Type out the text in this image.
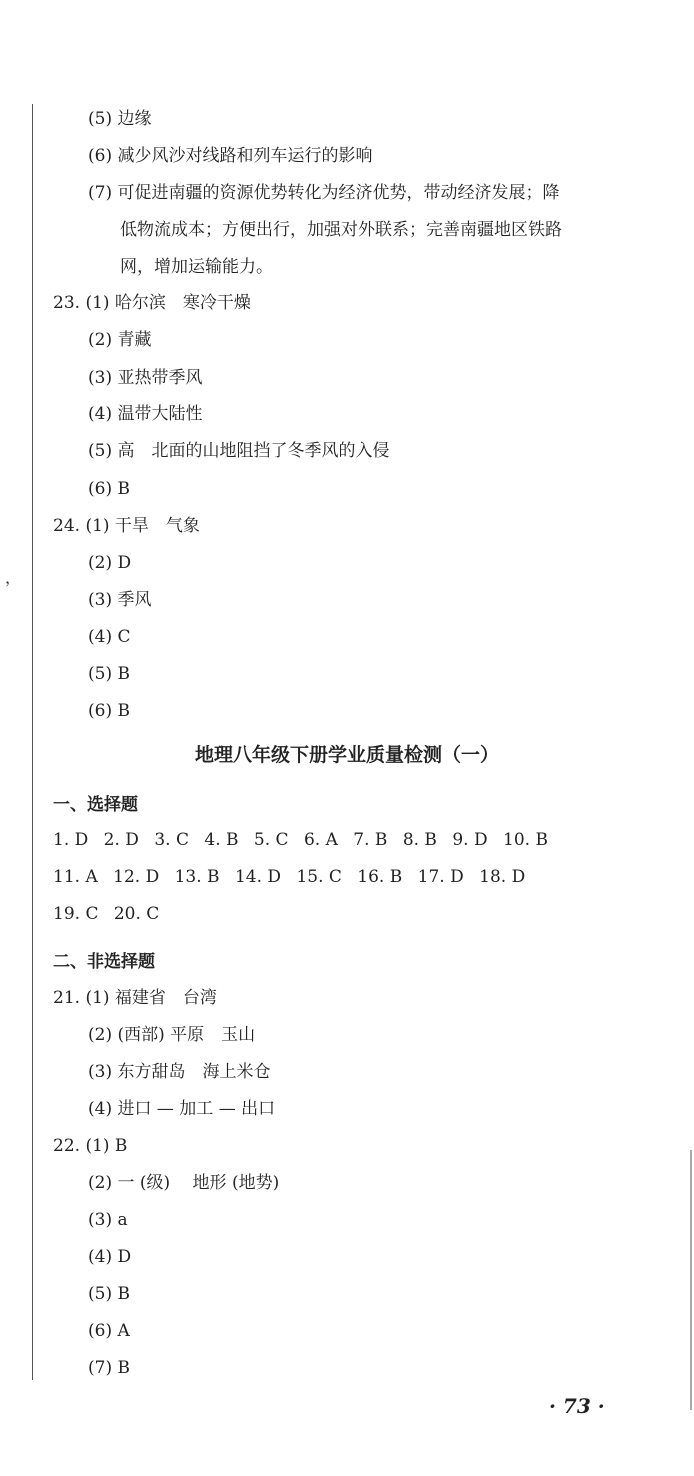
，
(5) 边缘
(6) 减少风沙对线路和列车运行的影响
(7) 可促进南疆的资源优势转化为经济优势，带动经济发展；降
低物流成本；方便出行，加强对外联系；完善南疆地区铁路
网，增加运输能力。
23. (1) 哈尔滨　寒冷干燥
(2) 青藏
(3) 亚热带季风
(4) 温带大陆性
(5) 高　北面的山地阻挡了冬季风的入侵
(6) B
24. (1) 干旱　气象
(2) D
(3) 季风
(4) C
(5) B
(6) B
地理八年级下册学业质量检测（一）
一、选择题
1. D 2. D 3. C 4. B 5. C 6. A 7. B 8. B 9. D 10. B
11. A 12. D 13. B 14. D 15. C 16. B 17. D 18. D
19. C 20. C
二、非选择题
21. (1) 福建省　台湾
(2) (西部) 平原　玉山
(3) 东方甜岛　海上米仓
(4) 进口 — 加工 — 出口
22. (1) B
(2) 一 (级)　 地形 (地势)
(3) a
(4) D
(5) B
(6) A
(7) B
· 73 ·
